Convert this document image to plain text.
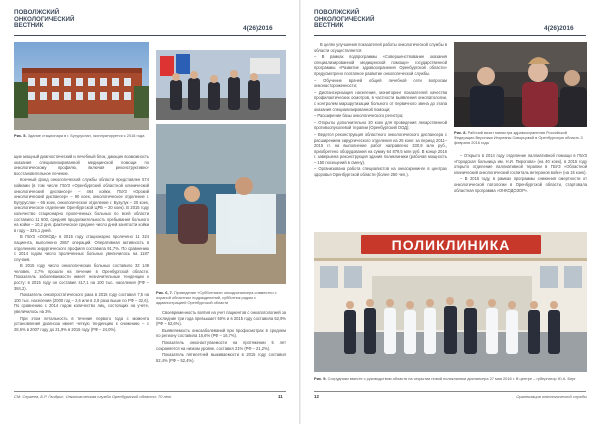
ПОВОЛЖСКИЙ
ОНКОЛОГИЧЕСКИЙ
ВЕСТНИК	4(26)2016
Рис. 5. Здание стационара в г. Бугуруслан, эксплуатируется с 2018 года
Рис. 6, 7. Проведение «Субботника» онкодиспансера совместно с охраной областных подразделений, субботник рядом с администрацией Оренбургской области

щие мощный диагностический и лечебный блок, дающие возможность оказания специализированной медицинской помощи по онкологическому профилю, включая реконструктивно-восстановительное лечение.

Коечный фонд онкологической службы области представлен 574 койками (в том числе ГБУЗ «Оренбургский областной клинический онкологический диспансер» – 464 койки, ГБУЗ «Орский онкологический диспансер» – 90 коек, онкологическое отделение г. Бугуруслан – 65 коек, онкологическое отделение г. Бузулук – 20 коек, онкологическое отделение Оренбургской ЦРБ – 20 коек). В 2015 году количество стационарно пролеченных больных по всей области составило 11 500, средняя продолжительность пребывания больного на койке – 10,2 дня, фактическое среднее число дней занятости койки в году – 325,1 дней.

В ГБУЗ «ООКОД» в 2015 году стационарно пролечено 11 324 пациента, выполнено 2867 операций. Оперативная активность в отделениях хирургического профиля составила 91,7%. По сравнению с 2014 годом число пролеченных больных увеличилось на 1187 случаев.

В 2015 году число онкологических больных составило 33 149 человек, 2,7% прошли на лечение в Оренбургской области. Показатель заболеваемости имеет незначительные тенденции к росту: в 2015 году он составил 417,1 на 100 тыс. населения (РФ – 384,2).

Показатель онкопростатического рака в 2015 году составил 7,5 на 100 тыс. населения (2000 год – 2,6 или в 2,9 раза выше по РФ – 32,6). По сравнению с 2014 годом количество лиц, состоящих на учете, увеличилось на 3%.

При этом летальность в течение первого года с момента установления диагноза имеет четкую тенденцию к снижению – с 28,6% в 2007 году до 21,9% в 2015 году (РФ – 24,0%).

Своевременность взятия на учет пациентов с онкопатологией за последние три года превышает 50% и в 2015 году составила 52,9% (РФ – 52,6%).

Выявляемость онкозаболеваний при профосмотрах в среднем по региону составила 16,6% (РФ – 16,7%).

Показатель онконаступаемости на протяжении 5 лет сохраняется на низком уровне, составил 21% (РФ – 21,2%).

Показатель пятилетней выживаемости в 2015 году составил 52,4% (РФ – 52,4%).

СМ. Сергеев, Б.Р. Гвидрис. Онкологическая служба Оренбургской области: 70 лет	11
ПОВОЛЖСКИЙ
ОНКОЛОГИЧЕСКИЙ
ВЕСТНИК	4(26)2016

В целях улучшения показателей работы онкологической службы в области осуществляется:

– В рамках подпрограммы «Совершенствование оказания специализированной медицинской помощи» государственной программы «Развитие здравоохранения Оренбургской области» предусмотрено поэтапное развитие онкологической службы.

– Обучение врачей общей лечебной сети вопросам онконастороженности;

– Диспансеризация населения, мониторинг показателей качества профилактических осмотров, в частности выявления онкопатологии, с контролем маршрутизации больного от первичного звена до этапа оказания специализированной помощи;

– Расширение базы онкологического регистра;

– Открыты дополнительно 20 коек для проведения лекарственной противоопухолевой терапии (Оренбургский ООД);

– Ведется реконструкция областного онкологического диспансера с расширением хирургического отделения на 25 коек: за период 2011–2015 гг. на выполнение работ направлено 330,9 млн руб., приобретено оборудования на сумму 64 879,5 млн руб. В конце 2016 г. завершена реконструкция здания поликлиники (рабочая мощность – 150 посещений в смену).

– Организована работа специалистов на онкоскрининге в центрах здоровья Оренбургской области (более 250 чел.).

Рис. 8. Рабочий визит министра здравоохранения Российской Федерации Вероники Игоревны Скворцовой в Оренбургскую область 3 февраля 2016 года

– Открыто в 2014 году отделение паллиативной помощи в ГБУЗ «Городская больница им. Н.И. Пирогова» (на 40 коек), в 2015 году открыто отделение паллиативной терапии в ГБУЗ «Областной клинический онкологический госпиталь ветеранов войн» (на 15 коек).

– В 2015 году, в рамках программы снижения смертности от онкологической патологии в Оренбургской области, стартовала областная программа «ОНКОДОЗОР».

ПОЛИКЛИНИКА
Рис. 9. Сотрудники вместе с руководством области на открытии новой поликлиники диспансера 27 мая 2016 г. В центре – губернатор Ю.А. Берг
12	Организация онкологической службы
